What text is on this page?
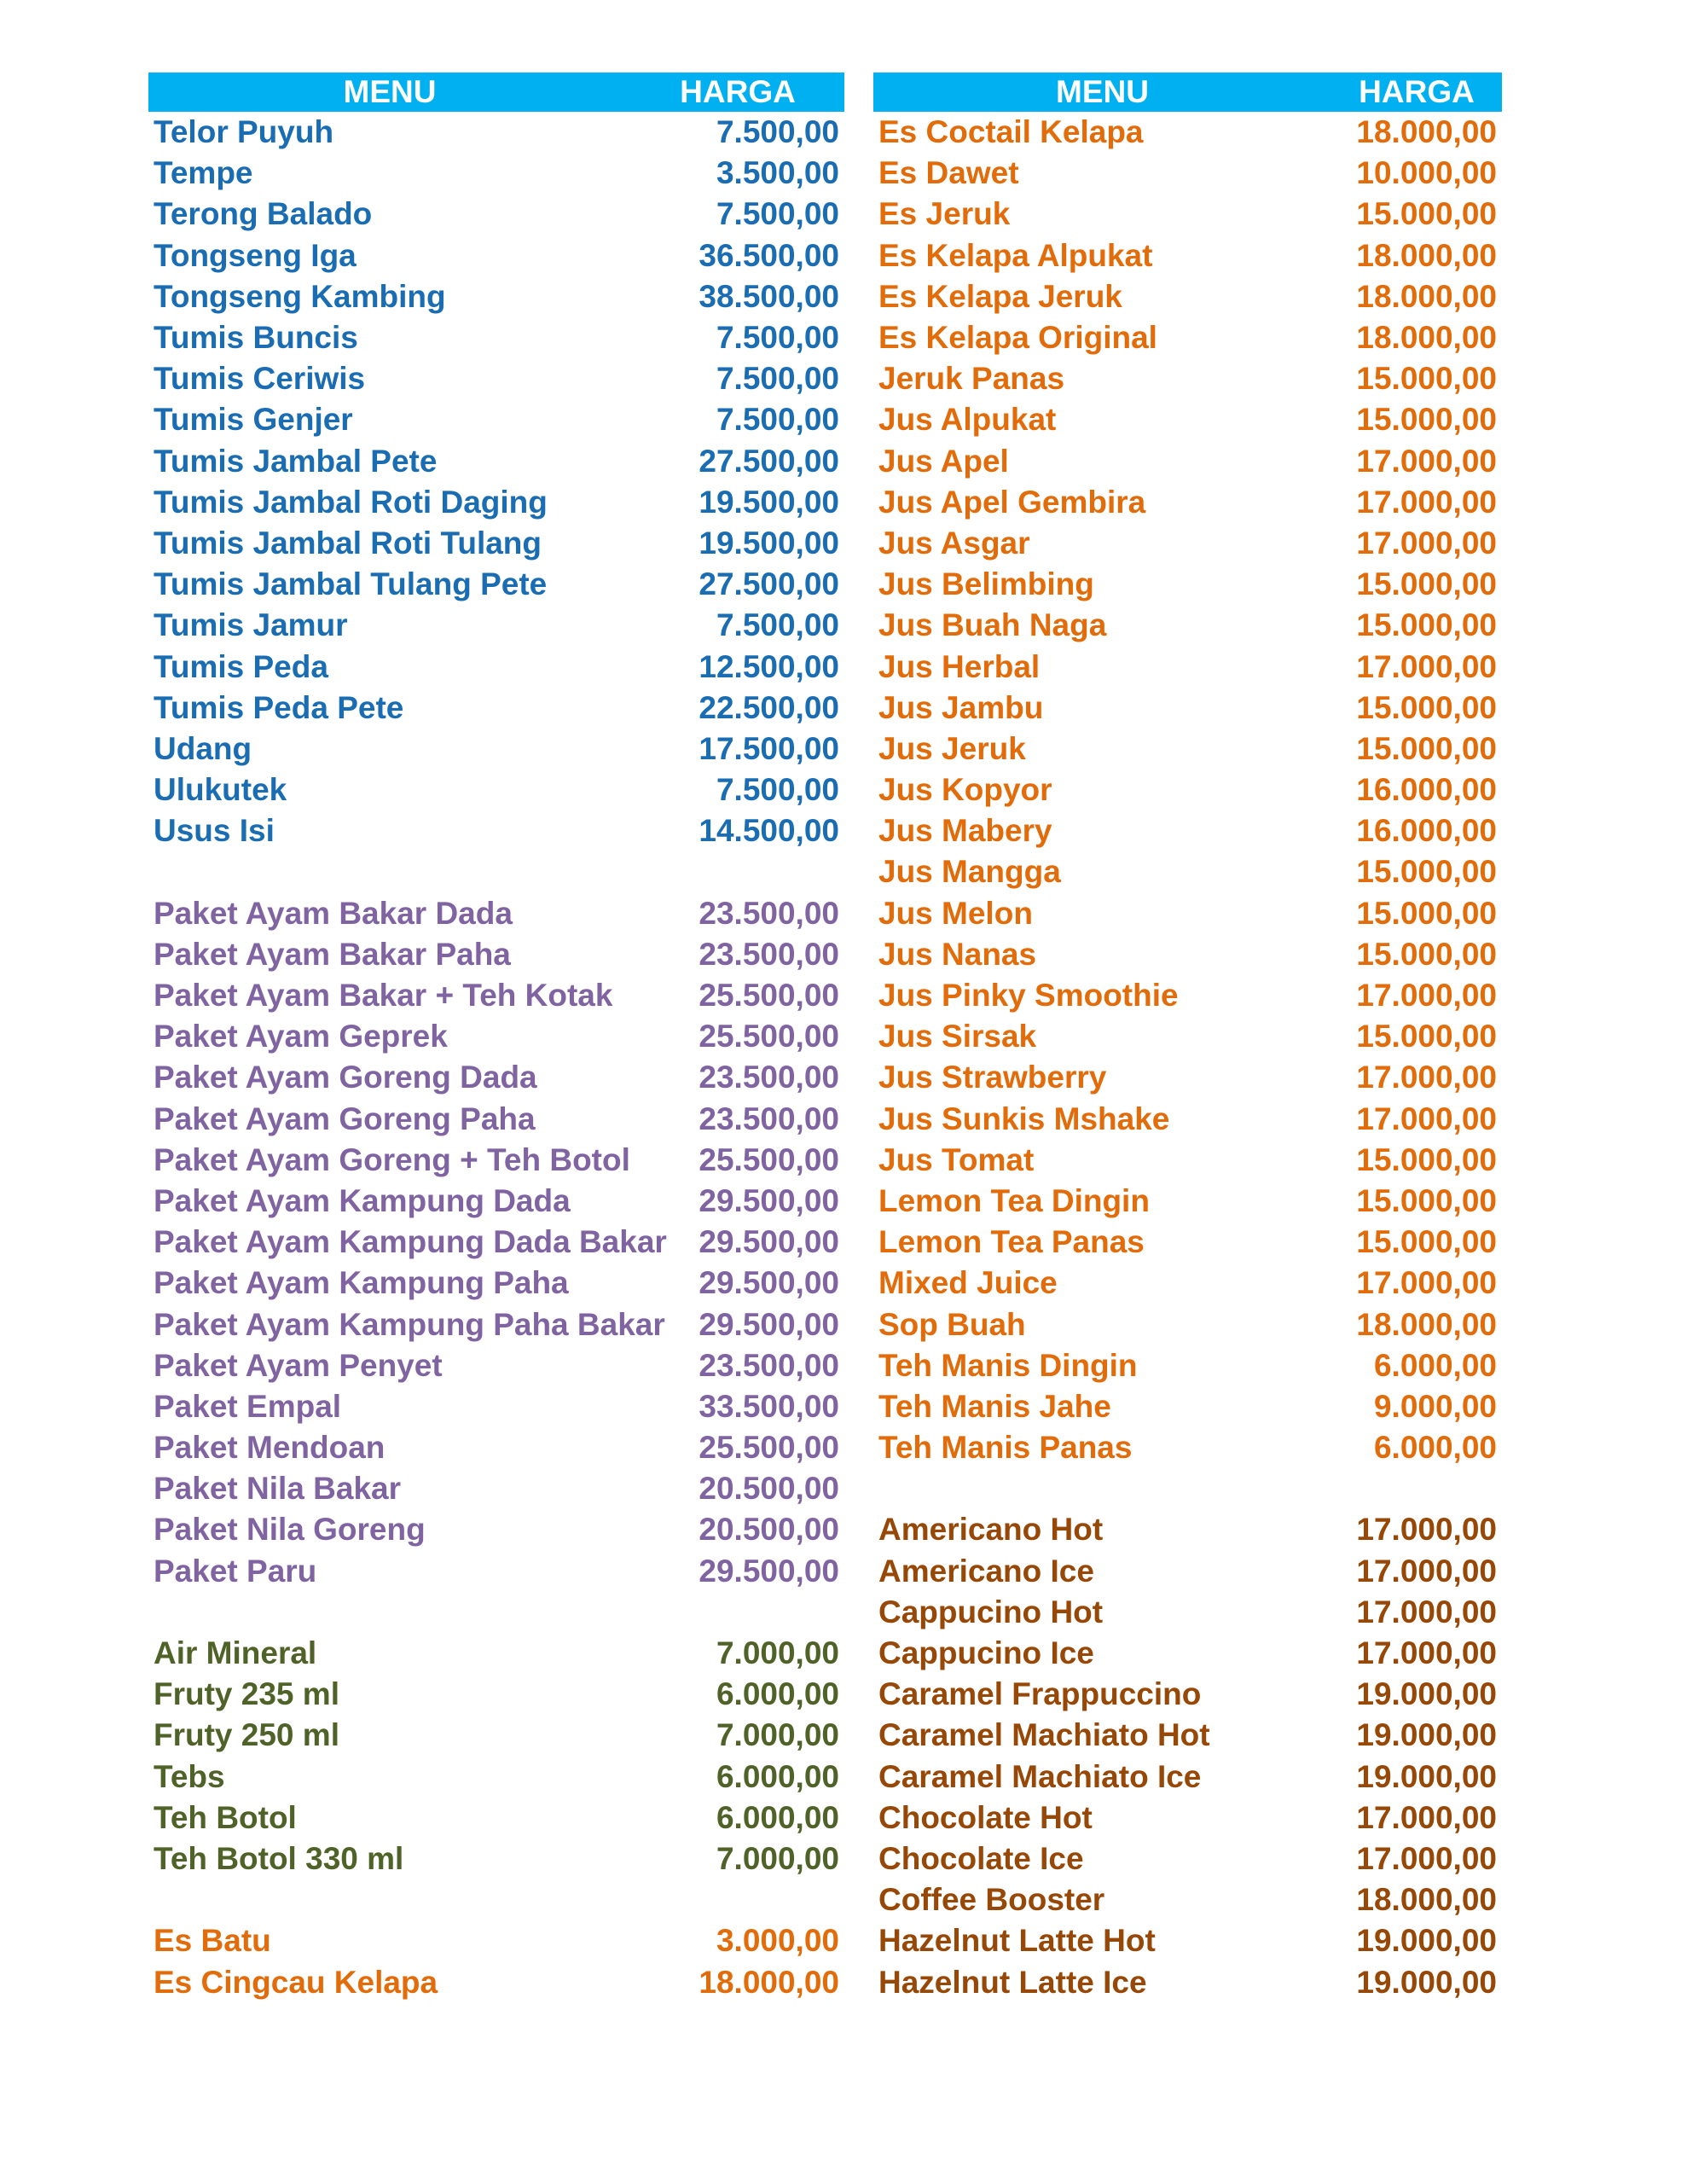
MENU	HARGA
Telor Puyuh	7.500,00
Tempe	3.500,00
Terong Balado	7.500,00
Tongseng Iga	36.500,00
Tongseng Kambing	38.500,00
Tumis Buncis	7.500,00
Tumis Ceriwis	7.500,00
Tumis Genjer	7.500,00
Tumis Jambal Pete	27.500,00
Tumis Jambal Roti Daging	19.500,00
Tumis Jambal Roti Tulang	19.500,00
Tumis Jambal Tulang Pete	27.500,00
Tumis Jamur	7.500,00
Tumis Peda	12.500,00
Tumis Peda Pete	22.500,00
Udang	17.500,00
Ulukutek	7.500,00
Usus Isi	14.500,00
Paket Ayam Bakar Dada	23.500,00
Paket Ayam Bakar Paha	23.500,00
Paket Ayam Bakar + Teh Kotak	25.500,00
Paket Ayam Geprek	25.500,00
Paket Ayam Goreng Dada	23.500,00
Paket Ayam Goreng Paha	23.500,00
Paket Ayam Goreng + Teh Botol	25.500,00
Paket Ayam Kampung Dada	29.500,00
Paket Ayam Kampung Dada Bakar	29.500,00
Paket Ayam Kampung Paha	29.500,00
Paket Ayam Kampung Paha Bakar	29.500,00
Paket Ayam Penyet	23.500,00
Paket Empal	33.500,00
Paket Mendoan	25.500,00
Paket Nila Bakar	20.500,00
Paket Nila Goreng	20.500,00
Paket Paru	29.500,00
Air Mineral	7.000,00
Fruty 235 ml	6.000,00
Fruty 250 ml	7.000,00
Tebs	6.000,00
Teh Botol	6.000,00
Teh Botol 330 ml	7.000,00
Es Batu	3.000,00
Es Cingcau Kelapa	18.000,00
MENU	HARGA
Es Coctail Kelapa	18.000,00
Es Dawet	10.000,00
Es Jeruk	15.000,00
Es Kelapa Alpukat	18.000,00
Es Kelapa Jeruk	18.000,00
Es Kelapa Original	18.000,00
Jeruk Panas	15.000,00
Jus Alpukat	15.000,00
Jus Apel	17.000,00
Jus Apel Gembira	17.000,00
Jus Asgar	17.000,00
Jus Belimbing	15.000,00
Jus Buah Naga	15.000,00
Jus Herbal	17.000,00
Jus Jambu	15.000,00
Jus Jeruk	15.000,00
Jus Kopyor	16.000,00
Jus Mabery	16.000,00
Jus Mangga	15.000,00
Jus Melon	15.000,00
Jus Nanas	15.000,00
Jus Pinky Smoothie	17.000,00
Jus Sirsak	15.000,00
Jus Strawberry	17.000,00
Jus Sunkis Mshake	17.000,00
Jus Tomat	15.000,00
Lemon Tea Dingin	15.000,00
Lemon Tea Panas	15.000,00
Mixed Juice	17.000,00
Sop Buah	18.000,00
Teh Manis Dingin	6.000,00
Teh Manis Jahe	9.000,00
Teh Manis Panas	6.000,00
Americano Hot	17.000,00
Americano Ice	17.000,00
Cappucino Hot	17.000,00
Cappucino Ice	17.000,00
Caramel Frappuccino	19.000,00
Caramel Machiato Hot	19.000,00
Caramel Machiato Ice	19.000,00
Chocolate Hot	17.000,00
Chocolate Ice	17.000,00
Coffee Booster	18.000,00
Hazelnut Latte Hot	19.000,00
Hazelnut Latte Ice	19.000,00
